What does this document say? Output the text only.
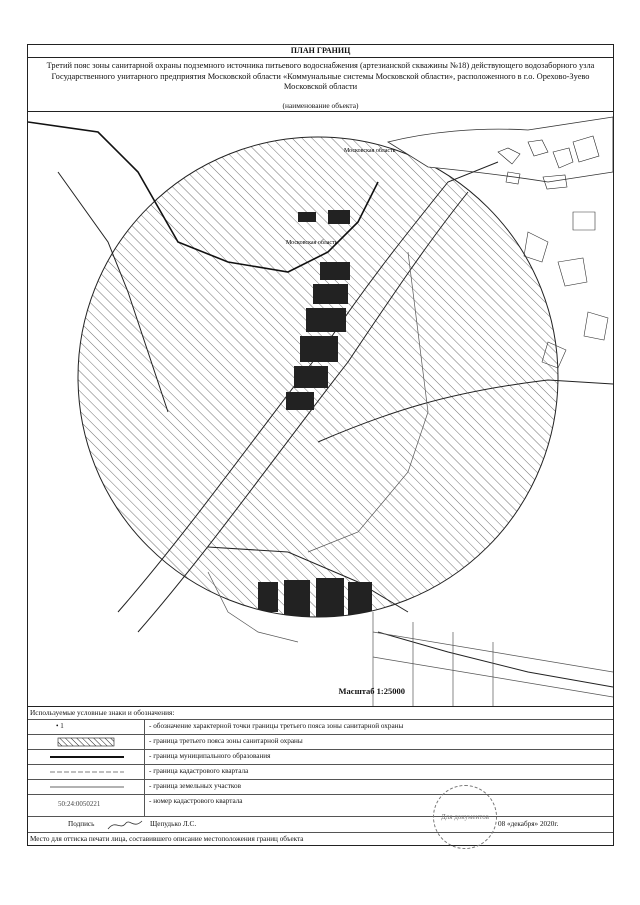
ПЛАН ГРАНИЦ
Третий пояс зоны санитарной охраны подземного источника питьевого водоснабжения (артезианской скважины №18) действующего водозаборного узла Государственного унитарного предприятия Московской области «Коммунальные системы Московской области», расположенного в г.о. Орехово-Зуево Московской области
(наименование объекта)
Московская область
Московская область
Масштаб 1:25000
Используемые условные знаки и обозначения:
• 1	- обозначение характерной точки границы третьего пояса зоны санитарной охраны
- граница третьего пояса зоны санитарной охраны
- граница муниципального образования
- граница кадастрового квартала
- граница земельных участков
50:24:0050221	- номер кадастрового квартала
Подпись	Щепудько Л.С.	08 «декабря» 2020г.
Место для оттиска печати лица, составившего описание местоположения границ объекта
Для документов
